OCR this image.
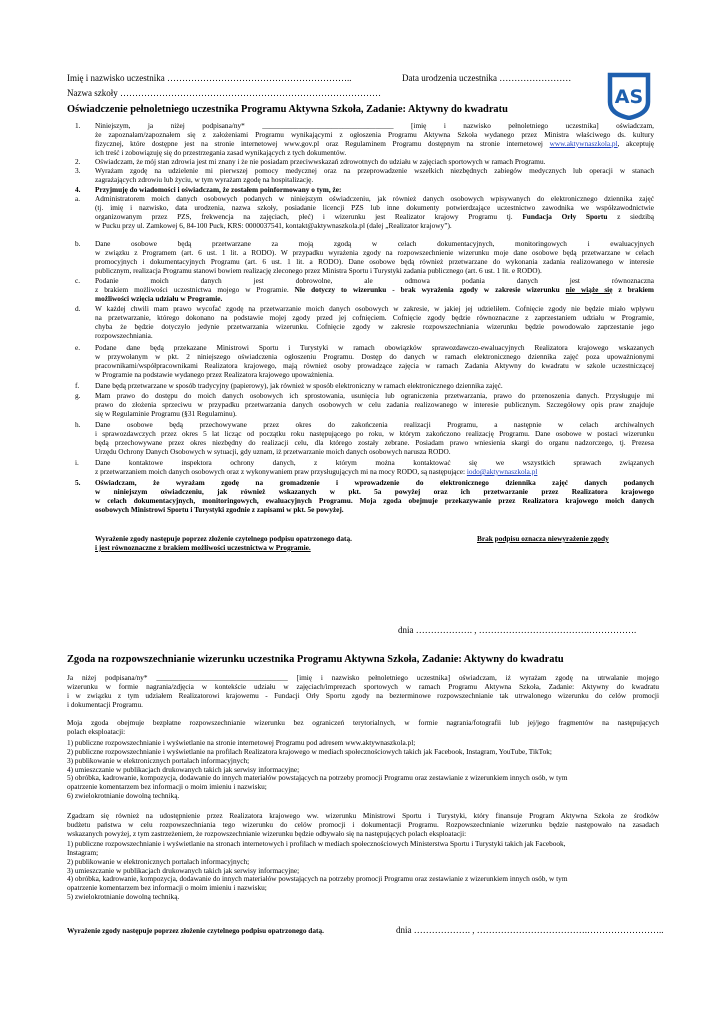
Imię i nazwisko uczestnika ……………………………………………………..	Data urodzenia uczestnika ……………………
Nazwa szkoły ……………………………………………………………………………	AS
Oświadczenie pełnoletniego uczestnika Programu Aktywna Szkoła, Zadanie: Aktywny do kwadratu
1.	Niniejszym, ja niżej podpisana/ny* ____________________________________ [imię i nazwisko pełnoletniego uczestnika] oświadczam,
że zapoznałam/zapoznałem się z założeniami Programu wynikającymi z ogłoszenia Programu Aktywna Szkoła wydanego przez Ministra właściwego ds. kultury
fizycznej, które dostępne jest na stronie internetowej www.gov.pl oraz Regulaminem Programu dostępnym na stronie internetowej www.aktywnaszkola.pl, akceptuję
ich treść i zobowiązuję się do przestrzegania zasad wynikających z tych dokumentów.
2.	Oświadczam, że mój stan zdrowia jest mi znany i że nie posiadam przeciwwskazań zdrowotnych do udziału w zajęciach sportowych w ramach Programu.
3.	Wyrażam zgodę na udzielenie mi pierwszej pomocy medycznej oraz na przeprowadzenie wszelkich niezbędnych zabiegów medycznych lub operacji w stanach
zagrażających zdrowiu lub życiu, w tym wyrażam zgodę na hospitalizację.
4.	Przyjmuję do wiadomości i oświadczam, że zostałem poinformowany o tym, że:
a.	Administratorem moich danych osobowych podanych w niniejszym oświadczeniu, jak również danych osobowych wpisywanych do elektronicznego dziennika zajęć
(tj. imię i nazwisko, data urodzenia, nazwa szkoły, posiadanie licencji PZS lub inne dokumenty potwierdzające uczestnictwo zawodnika we współzawodnictwie
organizowanym przez PZS, frekwencja na zajęciach, płeć) i wizerunku jest Realizator krajowy Programu tj. Fundacja Orły Sportu z siedzibą
w Pucku przy ul. Zamkowej 6, 84-100 Puck, KRS: 0000037541, kontakt@aktywnaszkola.pl (dalej „Realizator krajowy”).
b.	Dane osobowe będą przetwarzane za moją zgodą w celach dokumentacyjnych, monitoringowych i ewaluacyjnych
w związku z Programem (art. 6 ust. 1 lit. a RODO). W przypadku wyrażenia zgody na rozpowszechnienie wizerunku moje dane osobowe będą przetwarzane w celach
promocyjnych i dokumentacyjnych Programu (art. 6 ust. 1 lit. a RODO). Dane osobowe będą również przetwarzane do wykonania zadania realizowanego w interesie
publicznym, realizacja Programu stanowi bowiem realizację zleconego przez Ministra Sportu i Turystyki zadania publicznego (art. 6 ust. 1 lit. e RODO).
c.	Podanie moich danych jest dobrowolne, ale odmowa podania danych jest równoznaczna
z brakiem możliwości uczestnictwa mojego w Programie. Nie dotyczy to wizerunku - brak wyrażenia zgody w zakresie wizerunku nie wiąże się z brakiem
możliwości wzięcia udziału w Programie.
d.	W każdej chwili mam prawo wycofać zgodę na przetwarzanie moich danych osobowych w zakresie, w jakiej jej udzieliłem. Cofnięcie zgody nie będzie miało wpływu
na przetwarzanie, którego dokonano na podstawie mojej zgody przed jej cofnięciem. Cofnięcie zgody będzie równoznaczne z zaprzestaniem udziału w Programie,
chyba że będzie dotyczyło jedynie przetwarzania wizerunku. Cofnięcie zgody w zakresie rozpowszechniania wizerunku będzie powodowało zaprzestanie jego
rozpowszechniania.
e.	Podane dane będą przekazane Ministrowi Sportu i Turystyki w ramach obowiązków sprawozdawczo-ewaluacyjnych Realizatora krajowego wskazanych
w przywołanym w pkt. 2 niniejszego oświadczenia ogłoszeniu Programu. Dostęp do danych w ramach elektronicznego dziennika zajęć poza upoważnionymi
pracownikami/współpracownikami Realizatora krajowego, mają również osoby prowadzące zajęcia w ramach Zadania Aktywny do kwadratu w szkole uczestniczącej
w Programie na podstawie wydanego przez Realizatora krajowego upoważnienia.
f.	Dane będą przetwarzane w sposób tradycyjny (papierowy), jak również w sposób elektroniczny w ramach elektronicznego dziennika zajęć.
g.	Mam prawo do dostępu do moich danych osobowych ich sprostowania, usunięcia lub ograniczenia przetwarzania, prawo do przenoszenia danych. Przysługuje mi
prawo do złożenia sprzeciwu w przypadku przetwarzania danych osobowych w celu zadania realizowanego w interesie publicznym. Szczegółowy opis praw znajduje
się w Regulaminie Programu (§31 Regulaminu).
h.	Dane osobowe będą przechowywane przez okres do zakończenia realizacji Programu, a następnie w celach archiwalnych
i sprawozdawczych przez okres 5 lat licząc od początku roku następującego po roku, w którym zakończono realizację Programu. Dane osobowe w postaci wizerunku
będą przechowywane przez okres niezbędny do realizacji celu, dla którego zostały zebrane. Posiadam prawo wniesienia skargi do organu nadzorczego, tj. Prezesa
Urzędu Ochrony Danych Osobowych w sytuacji, gdy uznam, iż przetwarzanie moich danych osobowych narusza RODO.
i.	Dane kontaktowe inspektora ochrony danych, z którym można kontaktować się we wszystkich sprawach związanych
z przetwarzaniem moich danych osobowych oraz z wykonywaniem praw przysługujących mi na mocy RODO, są następujące: iodo@aktywnaszkola.pl
5.	Oświadczam, że wyrażam zgodę na gromadzenie i wprowadzenie do elektronicznego dziennika zajęć danych podanych
w niniejszym oświadczeniu, jak również wskazanych w pkt. 5a powyżej oraz ich przetwarzanie przez Realizatora krajowego
w celach dokumentacyjnych, monitoringowych, ewaluacyjnych Programu. Moja zgoda obejmuje przekazywanie przez Realizatora krajowego moich danych
osobowych Ministrowi Sportu i Turystyki zgodnie z zapisami w pkt. 5e powyżej.
Wyrażenie zgody następuje poprzez złożenie czytelnego podpisu opatrzonego datą.	Brak podpisu oznacza niewyrażenie zgody
i jest równoznaczne z brakiem możliwości uczestnictwa w Programie.
dnia ………………. , ……………………………….…………….
Zgoda na rozpowszechnianie wizerunku uczestnika Programu Aktywna Szkoła, Zadanie: Aktywny do kwadratu
Ja niżej podpisana/ny* ____________________________________ [imię i nazwisko pełnoletniego uczestnika] oświadczam, iż wyrażam zgodę na utrwalanie mojego
wizerunku w formie nagrania/zdjęcia w kontekście udziału w zajęciach/imprezach sportowych w ramach Programu Aktywna Szkoła, Zadanie: Aktywny do kwadratu
i w związku z tym udziałem Realizatorowi krajowemu - Fundacji Orły Sportu zgody na bezterminowe rozpowszechnianie tak utrwalonego wizerunku do celów promocji
i dokumentacji Programu.
Moja zgoda obejmuje bezpłatne rozpowszechnianie wizerunku bez ograniczeń terytorialnych, w formie nagrania/fotografii lub jej/jego fragmentów na następujących
polach eksploatacji:
1) publiczne rozpowszechnianie i wyświetlanie na stronie internetowej Programu pod adresem www.aktywnaszkola.pl;
2) publiczne rozpowszechnianie i wyświetlanie na profilach Realizatora krajowego w mediach społecznościowych takich jak Facebook, Instagram, YouTube, TikTok;
3) publikowanie w elektronicznych portalach informacyjnych;
4) umieszczanie w publikacjach drukowanych takich jak serwisy informacyjne;
5) obróbka, kadrowanie, kompozycja, dodawanie do innych materiałów powstających na potrzeby promocji Programu oraz zestawianie z wizerunkiem innych osób, w tym
opatrzenie komentarzem bez informacji o moim imieniu i nazwisku;
6) zwielokrotnianie dowolną techniką.
Zgadzam się również na udostępnienie przez Realizatora krajowego ww. wizerunku Ministrowi Sportu i Turystyki, który finansuje Program Aktywna Szkoła ze środków
budżetu państwa w celu rozpowszechniania tego wizerunku do celów promocji i dokumentacji Programu. Rozpowszechnianie wizerunku będzie następowało na zasadach
wskazanych powyżej, z tym zastrzeżeniem, że rozpowszechnianie wizerunku będzie odbywało się na następujących polach eksploatacji:
1) publiczne rozpowszechnianie i wyświetlanie na stronach internetowych i profilach w mediach społecznościowych Ministerstwa Sportu i Turystyki takich jak Facebook,
Instagram;
2) publikowanie w elektronicznych portalach informacyjnych;
3) umieszczanie w publikacjach drukowanych takich jak serwisy informacyjne;
4) obróbka, kadrowanie, kompozycja, dodawanie do innych materiałów powstających na potrzeby promocji Programu oraz zestawianie z wizerunkiem innych osób, w tym
opatrzenie komentarzem bez informacji o moim imieniu i nazwisku;
5) zwielokrotnianie dowolną techniką.
Wyrażenie zgody następuje poprzez złożenie czytelnego podpisu opatrzonego datą.	dnia ………………. , ……………………………….……………………..
